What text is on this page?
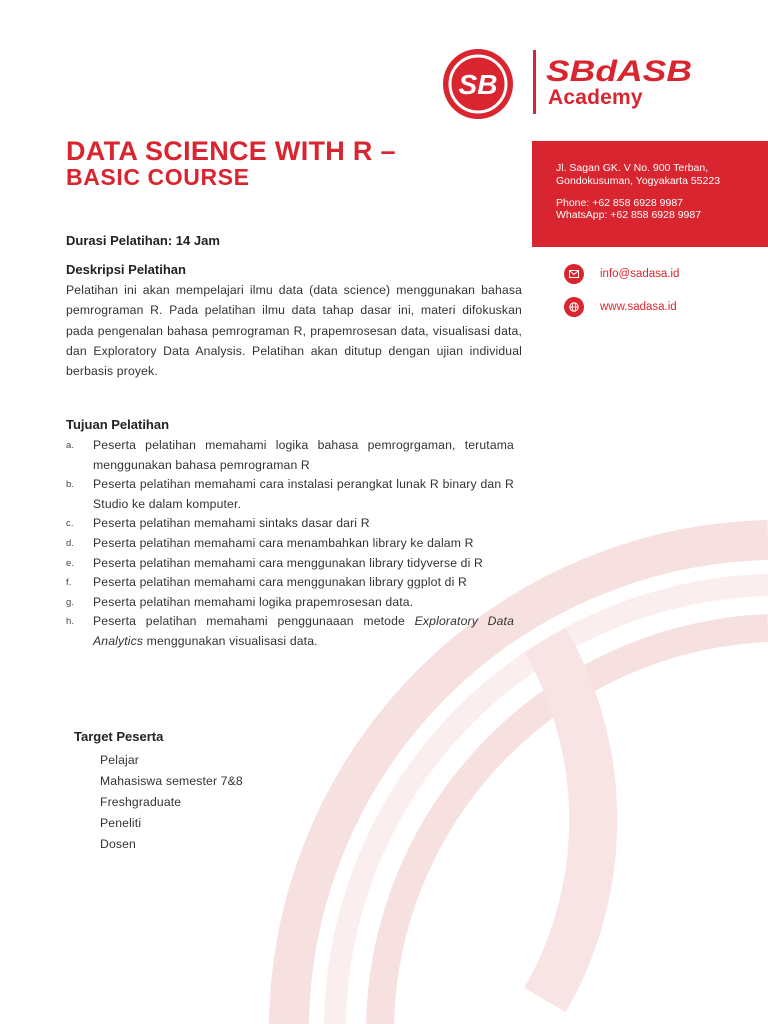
SB SBdASB
Academy
DATA SCIENCE WITH R –
BASIC COURSE	Jl. Sagan GK. V No. 900 Terban,
Gondokusuman, Yogyakarta 55223
Phone: +62 858 6928 9987
WhatsApp: +62 858 6928 9987
info@sadasa.id
www.sadasa.id
Durasi Pelatihan: 14 Jam
Deskripsi Pelatihan
Pelatihan ini akan mempelajari ilmu data (data science) menggunakan bahasa pemrograman R. Pada pelatihan ilmu data tahap dasar ini, materi difokuskan pada pengenalan bahasa pemrograman R, prapemrosesan data, visualisasi data, dan Exploratory Data Analysis. Pelatihan akan ditutup dengan ujian individual berbasis proyek.
Tujuan Pelatihan
a. Peserta pelatihan memahami logika bahasa pemrogrgaman, terutama menggunakan bahasa pemrograman R
b. Peserta pelatihan memahami cara instalasi perangkat lunak R binary dan R Studio ke dalam komputer.
c. Peserta pelatihan memahami sintaks dasar dari R
d. Peserta pelatihan memahami cara menambahkan library ke dalam R
e. Peserta pelatihan memahami cara menggunakan library tidyverse di R
f. Peserta pelatihan memahami cara menggunakan library ggplot di R
g. Peserta pelatihan memahami logika prapemrosesan data.
h. Peserta pelatihan memahami penggunaaan metode Exploratory Data Analytics menggunakan visualisasi data.
Target Peserta
Pelajar
Mahasiswa semester 7&8
Freshgraduate
Peneliti
Dosen
